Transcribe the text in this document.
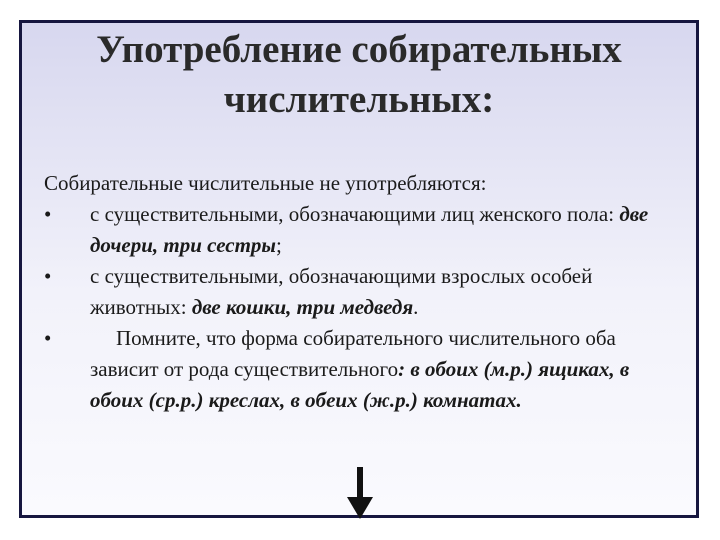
Употребление собирательных
числительных:

Собирательные числительные не употребляются:

•	с существительными, обозначающими лиц женского пола: две дочери, три сестры;
•	с существительными, обозначающими взрослых особей животных: две кошки, три медведя.
•	Помните, что форма собирательного числительного оба зависит от рода существительного: в обоих (м.р.) ящиках, в обоих (ср.р.) креслах, в обеих (ж.р.) комнатах.
